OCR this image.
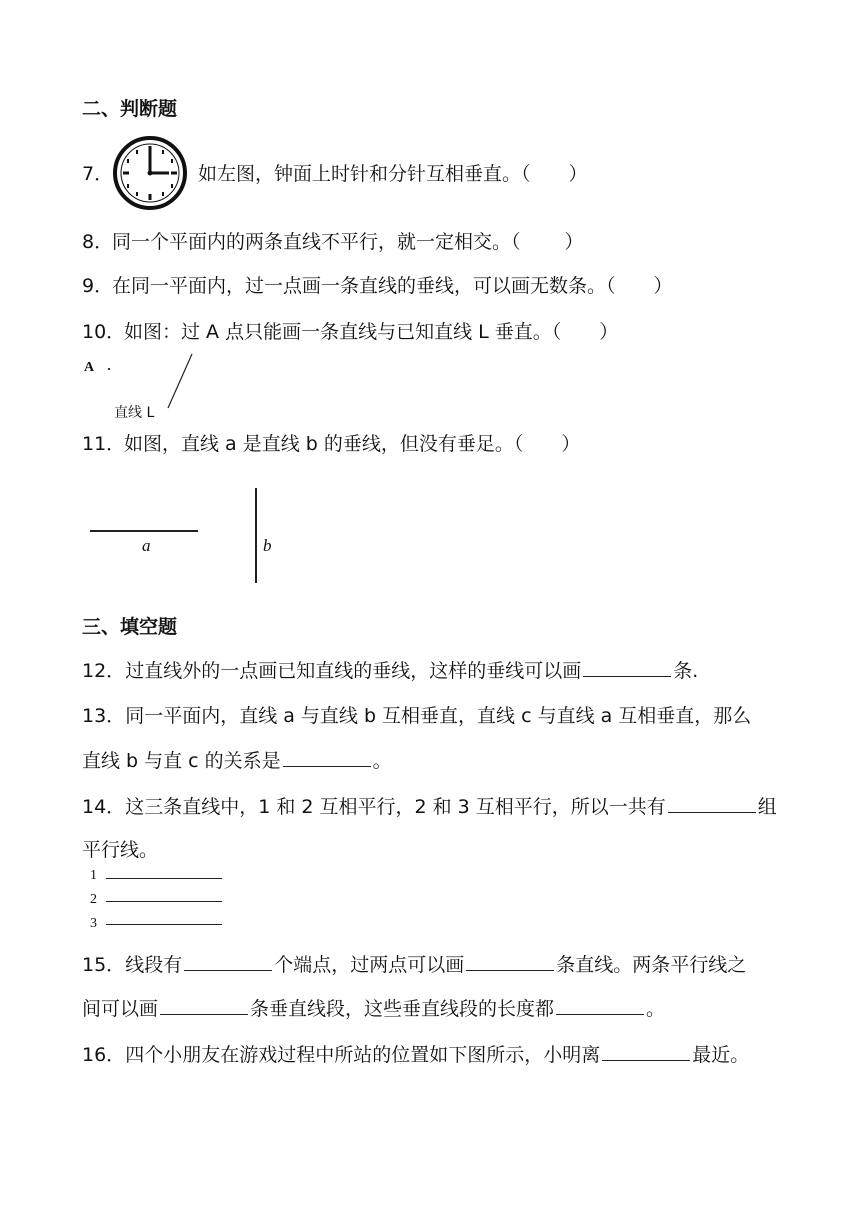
二、判断题
7．	如左图，钟面上时针和分针互相垂直。（　　）
8．
同一个平面内的两条直线不平行，就一定相交。（　　 ）
9．
在同一平面内，过一点画一条直线的垂线，可以画无数条。（　　）
10．
如图：过 A 点只能画一条直线与已知直线 L 垂直。（　　）
A
直线 L
11．
如图，直线 a 是直线 b 的垂线，但没有垂足。（　　）
a	b
三、填空题
12．过直线外的一点画已知直线的垂线，这样的垂线可以画	条.
13．同一平面内，直线 a 与直线 b 互相垂直，直线 c 与直线 a 互相垂直，那么
直线 b 与直 c 的关系是	。
14．这三条直线中，1 和 2 互相平行，2 和 3 互相平行，所以一共有	组
平行线。
1
2
3
15．线段有	个端点，过两点可以画	条直线。两条平行线之
间可以画	条垂直线段，这些垂直线段的长度都	。
16．四个小朋友在游戏过程中所站的位置如下图所示，小明离	最近。
